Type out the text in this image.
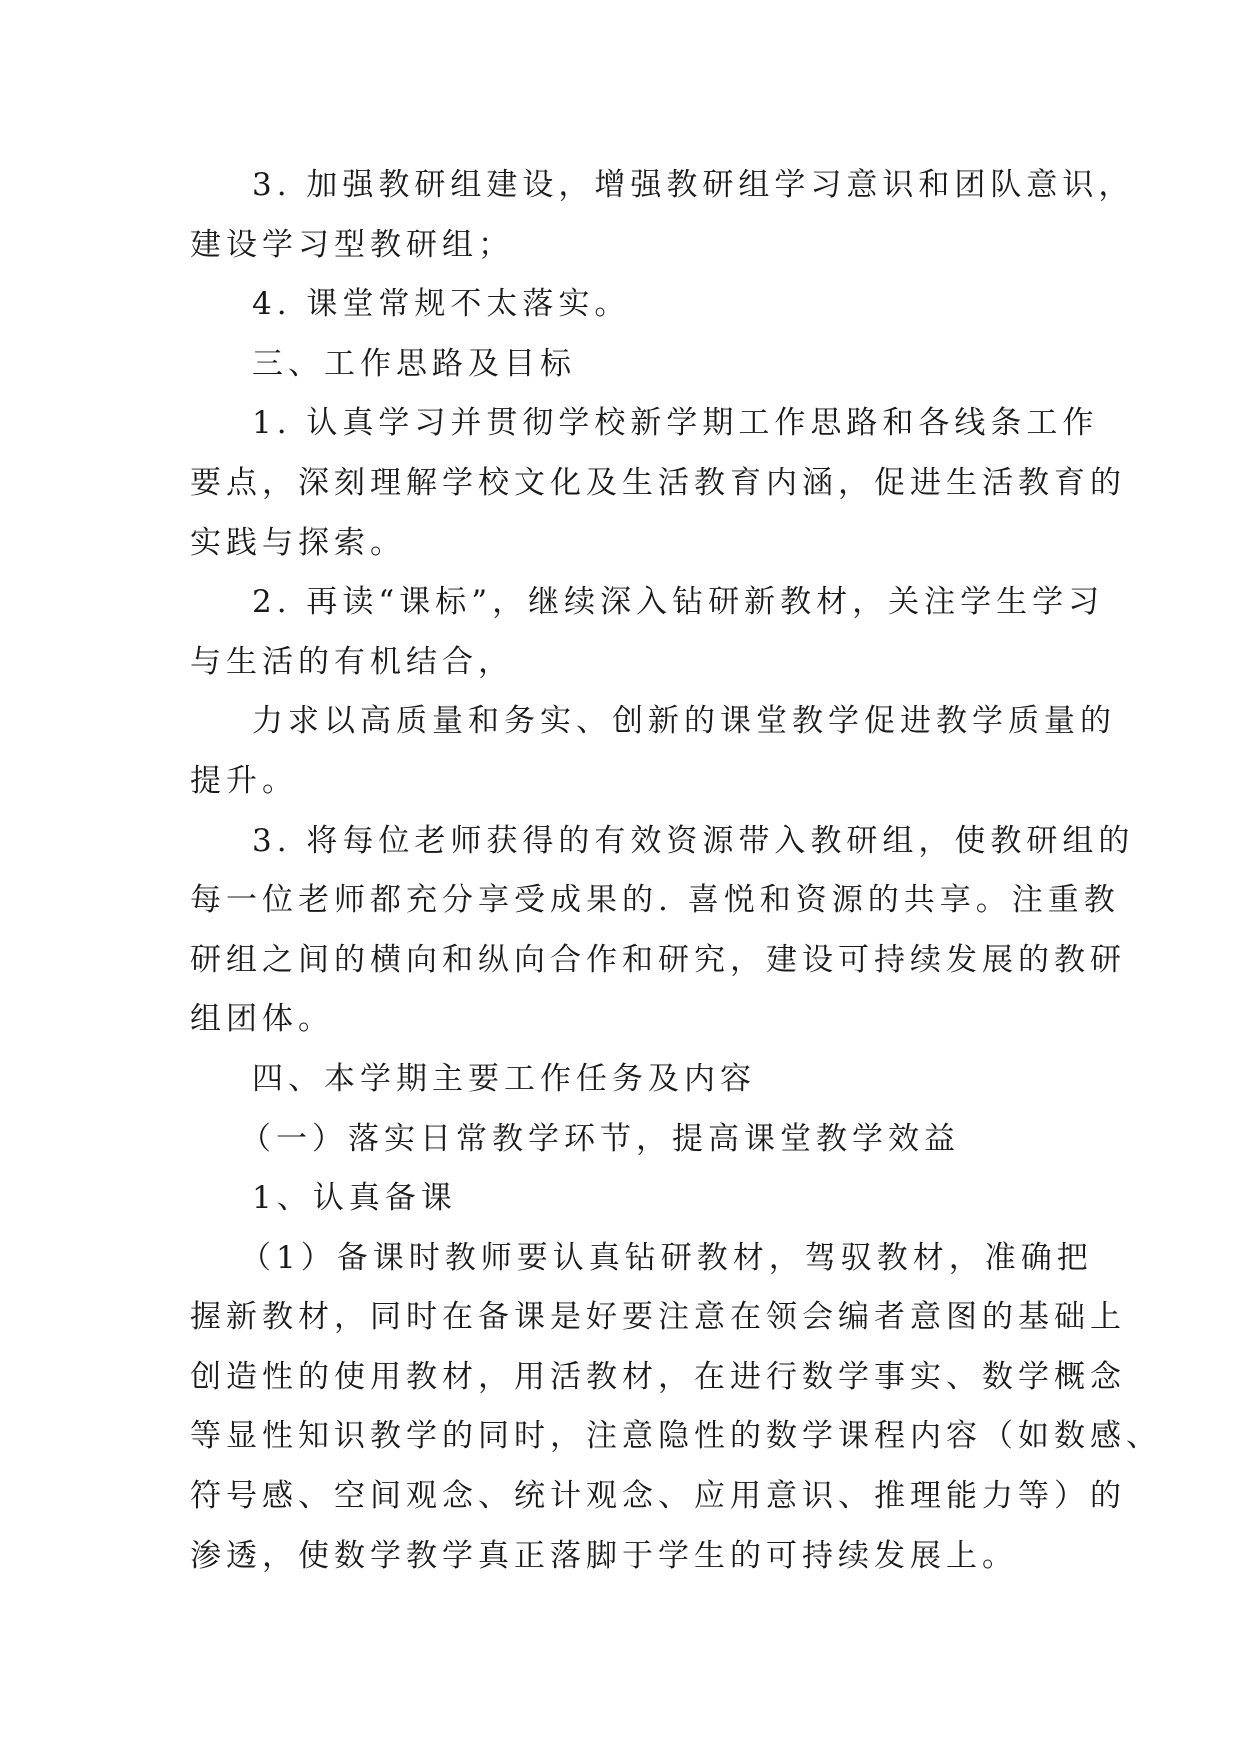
3. 加强教研组建设，增强教研组学习意识和团队意识，
建设学习型教研组；
4. 课堂常规不太落实。
三、工作思路及目标
1. 认真学习并贯彻学校新学期工作思路和各线条工作
要点，深刻理解学校文化及生活教育内涵，促进生活教育的
实践与探索。
2. 再读“课标”，继续深入钻研新教材，关注学生学习
与生活的有机结合，
力求以高质量和务实、创新的课堂教学促进教学质量的
提升。
3. 将每位老师获得的有效资源带入教研组，使教研组的
每一位老师都充分享受成果的. 喜悦和资源的共享。注重教
研组之间的横向和纵向合作和研究，建设可持续发展的教研
组团体。
四、本学期主要工作任务及内容
（一）落实日常教学环节，提高课堂教学效益
1、认真备课
（1）备课时教师要认真钻研教材，驾驭教材，准确把
握新教材，同时在备课是好要注意在领会编者意图的基础上
创造性的使用教材，用活教材，在进行数学事实、数学概念
等显性知识教学的同时，注意隐性的数学课程内容（如数感、
符号感、空间观念、统计观念、应用意识、推理能力等）的
渗透，使数学教学真正落脚于学生的可持续发展上。
